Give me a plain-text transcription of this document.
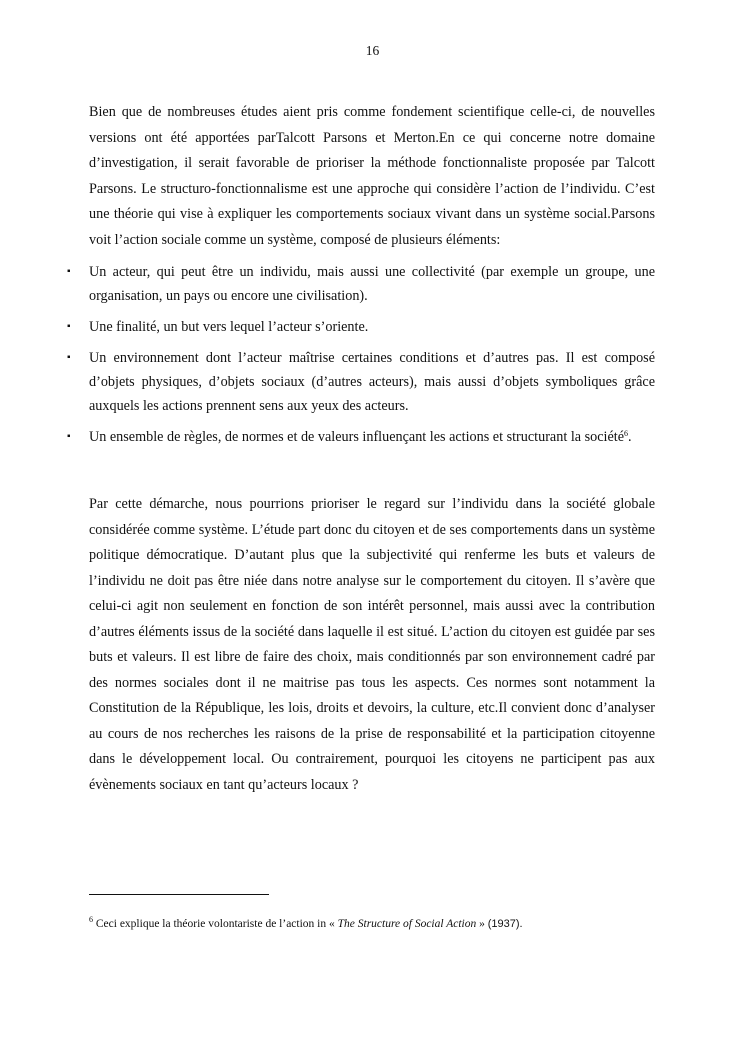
16

Bien que de nombreuses études aient pris comme fondement scientifique celle-ci, de nouvelles versions ont été apportées parTalcott Parsons et Merton.En ce qui concerne notre domaine d’investigation, il serait favorable de prioriser la méthode fonctionnaliste proposée par Talcott Parsons. Le structuro-fonctionnalisme est une approche qui considère l’action de l’individu. C’est une théorie qui vise à expliquer les comportements sociaux vivant dans un système social.Parsons voit l’action sociale comme un système, composé de plusieurs éléments:

▪ Un acteur, qui peut être un individu, mais aussi une collectivité (par exemple un groupe, une organisation, un pays ou encore une civilisation).
▪ Une finalité, un but vers lequel l’acteur s’oriente.
▪ Un environnement dont l’acteur maîtrise certaines conditions et d’autres pas. Il est composé d’objets physiques, d’objets sociaux (d’autres acteurs), mais aussi d’objets symboliques grâce auxquels les actions prennent sens aux yeux des acteurs.
▪ Un ensemble de règles, de normes et de valeurs influençant les actions et structurant la société$^6$.

Par cette démarche, nous pourrions prioriser le regard sur l’individu dans la société globale considérée comme système. L’étude part donc du citoyen et de ses comportements dans un système politique démocratique. D’autant plus que la subjectivité qui renferme les buts et valeurs de l’individu ne doit pas être niée dans notre analyse sur le comportement du citoyen. Il s’avère que celui-ci agit non seulement en fonction de son intérêt personnel, mais aussi avec la contribution d’autres éléments issus de la société dans laquelle il est situé. L’action du citoyen est guidée par ses buts et valeurs. Il est libre de faire des choix, mais conditionnés par son environnement cadré par des normes sociales dont il ne maitrise pas tous les aspects. Ces normes sont notamment la Constitution de la République, les lois, droits et devoirs, la culture, etc.Il convient donc d’analyser au cours de nos recherches les raisons de la prise de responsabilité et la participation citoyenne dans le développement local. Ou contrairement, pourquoi les citoyens ne participent pas aux évènements sociaux en tant qu’acteurs locaux ?

$^6$ Ceci explique la théorie volontariste de l’action in « The Structure of Social Action » (1937).
